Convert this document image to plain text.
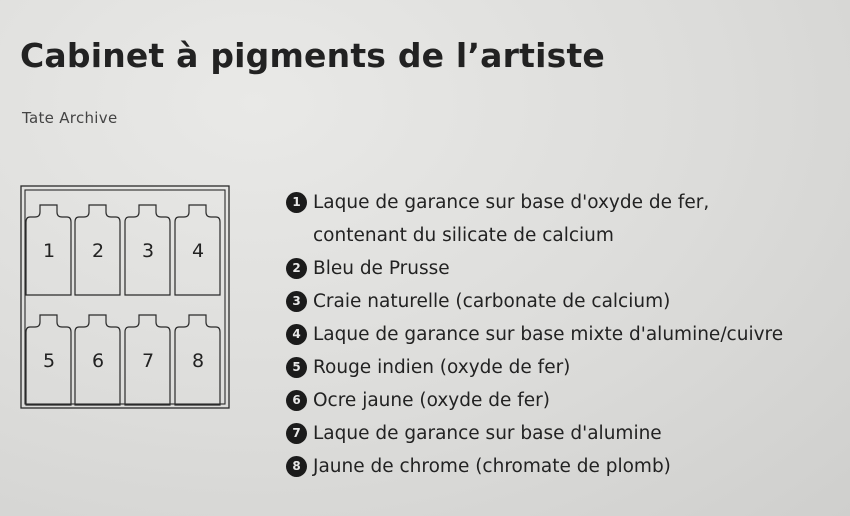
Cabinet à pigments de l’artiste
Tate Archive
1	2	3	4
5	6	7	8
1 Laque de garance sur base d'oxyde de fer,
contenant du silicate de calcium
2 Bleu de Prusse
3 Craie naturelle (carbonate de calcium)
4 Laque de garance sur base mixte d'alumine/cuivre
5 Rouge indien (oxyde de fer)
6 Ocre jaune (oxyde de fer)
7 Laque de garance sur base d'alumine
8 Jaune de chrome (chromate de plomb)
